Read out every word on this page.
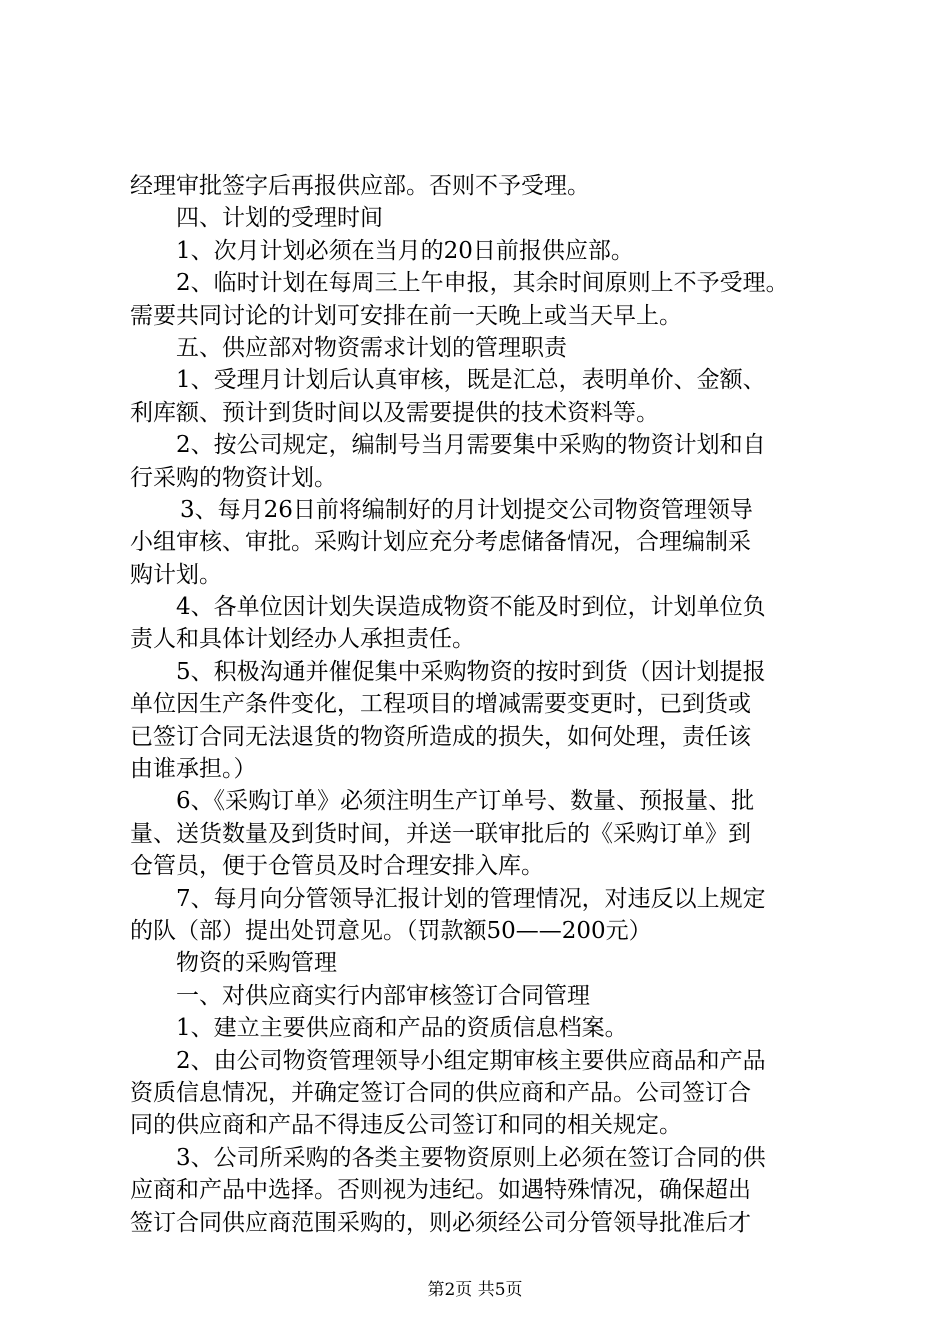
经理审批签字后再报供应部。否则不予受理。
四、计划的受理时间
1、次月计划必须在当月的20日前报供应部。
2、临时计划在每周三上午申报，其余时间原则上不予受理。
需要共同讨论的计划可安排在前一天晚上或当天早上。
五、供应部对物资需求计划的管理职责
1、受理月计划后认真审核，既是汇总，表明单价、金额、
利库额、预计到货时间以及需要提供的技术资料等。
2、按公司规定，编制号当月需要集中采购的物资计划和自
行采购的物资计划。
3、每月26日前将编制好的月计划提交公司物资管理领导
小组审核、审批。采购计划应充分考虑储备情况，合理编制采
购计划。
4、各单位因计划失误造成物资不能及时到位，计划单位负
责人和具体计划经办人承担责任。
5、积极沟通并催促集中采购物资的按时到货（因计划提报
单位因生产条件变化，工程项目的增减需要变更时，已到货或
已签订合同无法退货的物资所造成的损失，如何处理，责任该
由谁承担。）
6、《采购订单》必须注明生产订单号、数量、预报量、批
量、送货数量及到货时间，并送一联审批后的《采购订单》到
仓管员，便于仓管员及时合理安排入库。
7、每月向分管领导汇报计划的管理情况，对违反以上规定
的队（部）提出处罚意见。（罚款额50——200元）
物资的采购管理
一、对供应商实行内部审核签订合同管理
1、建立主要供应商和产品的资质信息档案。
2、由公司物资管理领导小组定期审核主要供应商品和产品
资质信息情况，并确定签订合同的供应商和产品。公司签订合
同的供应商和产品不得违反公司签订和同的相关规定。
3、公司所采购的各类主要物资原则上必须在签订合同的供
应商和产品中选择。否则视为违纪。如遇特殊情况，确保超出
签订合同供应商范围采购的，则必须经公司分管领导批准后才
第2页 共5页
